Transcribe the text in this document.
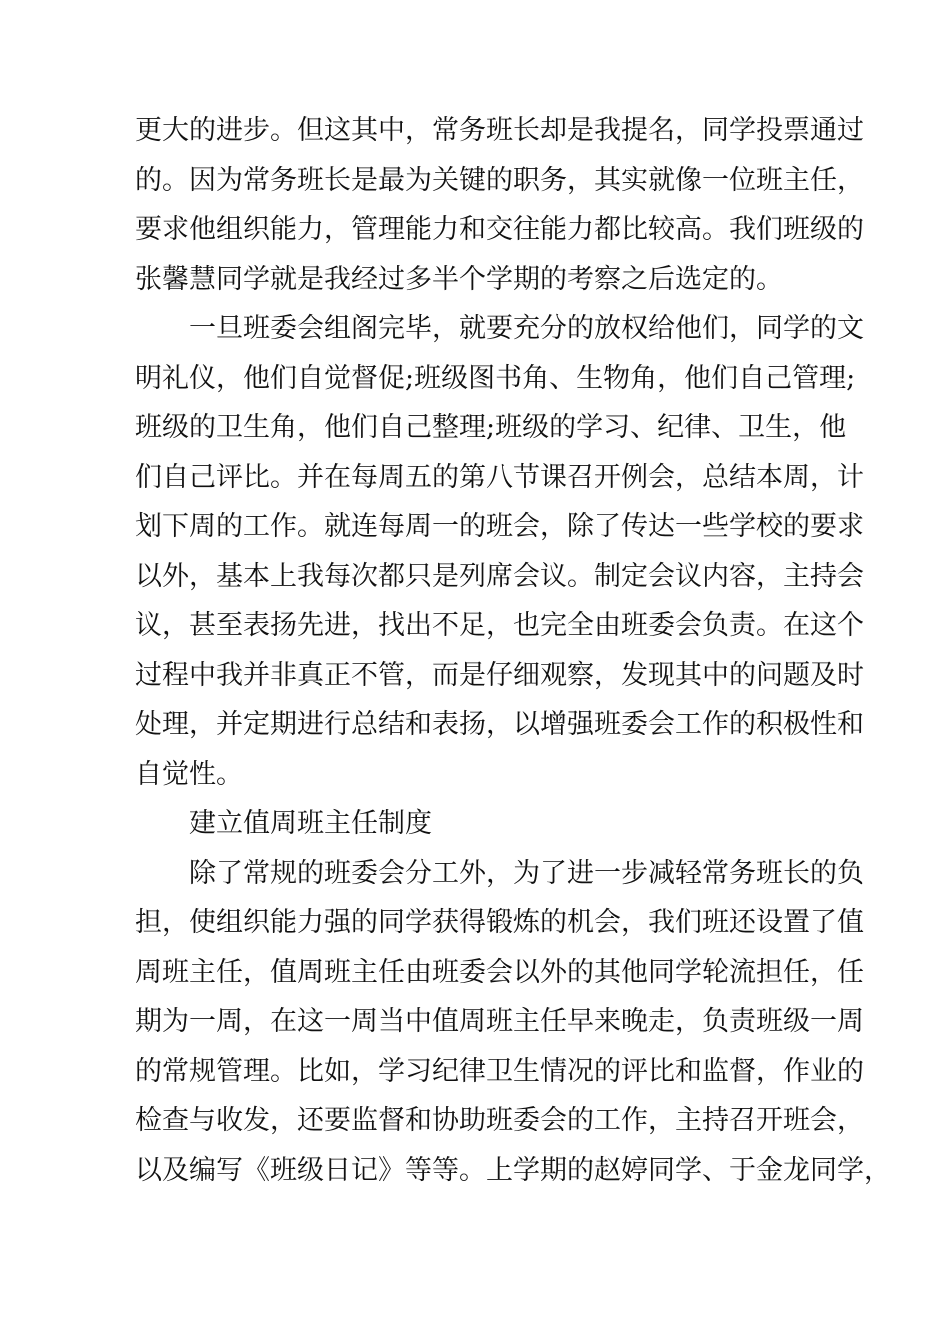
更大的进步。但这其中，常务班长却是我提名，同学投票通过
的。因为常务班长是最为关键的职务，其实就像一位班主任，
要求他组织能力，管理能力和交往能力都比较高。我们班级的
张馨慧同学就是我经过多半个学期的考察之后选定的。
一旦班委会组阁完毕，就要充分的放权给他们，同学的文
明礼仪，他们自觉督促;班级图书角、生物角，他们自己管理;
班级的卫生角，他们自己整理;班级的学习、纪律、卫生，他
们自己评比。并在每周五的第八节课召开例会，总结本周，计
划下周的工作。就连每周一的班会，除了传达一些学校的要求
以外，基本上我每次都只是列席会议。制定会议内容，主持会
议，甚至表扬先进，找出不足，也完全由班委会负责。在这个
过程中我并非真正不管，而是仔细观察，发现其中的问题及时
处理，并定期进行总结和表扬，以增强班委会工作的积极性和
自觉性。
建立值周班主任制度
除了常规的班委会分工外，为了进一步减轻常务班长的负
担，使组织能力强的同学获得锻炼的机会，我们班还设置了值
周班主任，值周班主任由班委会以外的其他同学轮流担任，任
期为一周，在这一周当中值周班主任早来晚走，负责班级一周
的常规管理。比如，学习纪律卫生情况的评比和监督，作业的
检查与收发，还要监督和协助班委会的工作，主持召开班会，
以及编写《班级日记》等等。上学期的赵婷同学、于金龙同学，
